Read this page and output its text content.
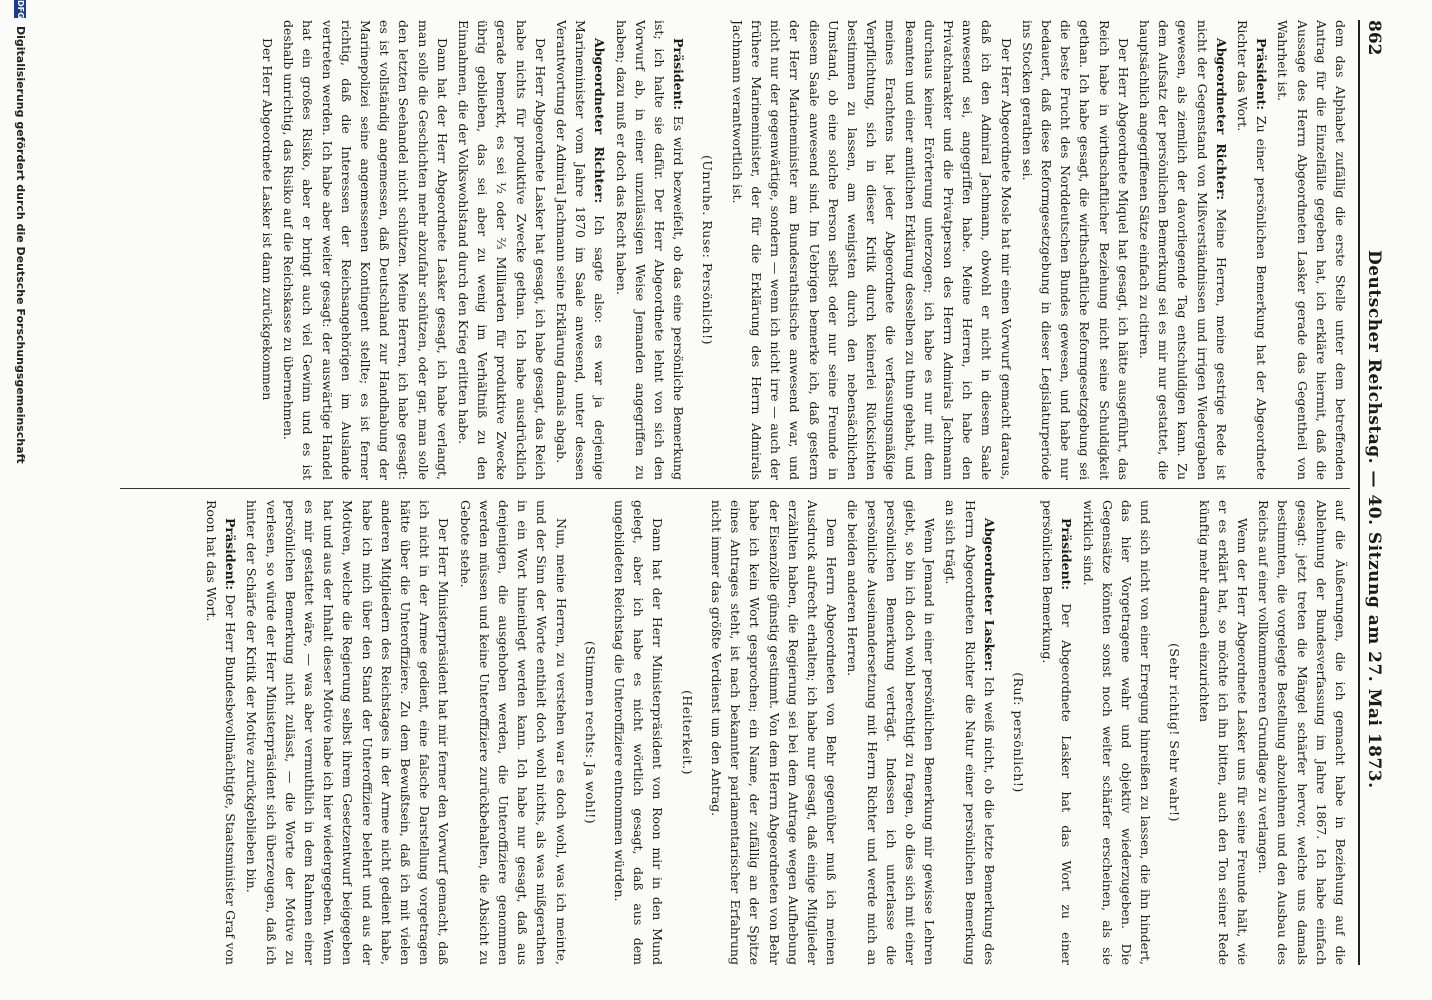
862
Deutscher Reichstag. — 40. Sitzung am 27. Mai 1873.

dem das Alphabet zufällig die erste Stelle unter dem betreffenden Antrag für die Einzelfälle gegeben hat, ich erkläre hiermit, daß die Aussage des Herrn Abgeordneten Lasker gerade das Gegentheil von Wahrheit ist.

Präsident: Zu einer persönlichen Bemerkung hat der Abgeordnete Richter das Wort.

Abgeordneter Richter: Meine Herren, meine gestrige Rede ist nicht der Gegenstand von Mißverständnissen und irrigen Wiedergaben gewesen, als ziemlich der davorliegende Tag entschuldigen kann. Zu dem Aufsatz der persönlichen Bemerkung sei es mir nur gestattet, die hauptsächlich angegriffenen Sätze einfach zu citiren.

Der Herr Abgeordnete Miquel hat gesagt, ich hätte ausgeführt, das Reich habe in wirthschaftlicher Beziehung nicht seine Schuldigkeit gethan. Ich habe gesagt, die wirthschaftliche Reformgesetzgebung sei die beste Frucht des Norddeutschen Bundes gewesen, und habe nur bedauert, daß diese Reformgesetzgebung in dieser Legislaturperiode ins Stocken gerathen sei.

Der Herr Abgeordnete Mosle hat mir einen Vorwurf gemacht daraus, daß ich den Admiral Jachmann, obwohl er nicht in diesem Saale anwesend sei, angegriffen habe. Meine Herren, ich habe den Privatcharakter und die Privatperson des Herrn Admirals Jachmann durchaus keiner Erörterung unterzogen; ich habe es nur mit dem Beamten und einer amtlichen Erklärung desselben zu thun gehabt, und meines Erachtens hat jeder Abgeordnete die verfassungsmäßige Verpflichtung, sich in dieser Kritik durch keinerlei Rücksichten bestimmen zu lassen, am wenigsten durch den nebensächlichen Umstand, ob eine solche Person selbst oder nur seine Freunde in diesem Saale anwesend sind. Im Uebrigen bemerke ich, daß gestern der Herr Marineminister am Bundesrathstische anwesend war, und nicht nur der gegenwärtige, sondern — wenn ich nicht irre — auch der frühere Marineminister, der für die Erklärung des Herrn Admirals Jachmann verantwortlich ist.

(Unruhe. Ruse: Persönlich!)

Präsident: Es wird bezweifelt, ob das eine persönliche Bemerkung ist; ich halte sie dafür. Der Herr Abgeordnete lehnt von sich den Vorwurf ab, in einer unzulässigen Weise Jemanden angegriffen zu haben; dazu muß er doch das Recht haben.

Abgeordneter Richter: Ich sagte also: es war ja derjenige Marineminister vom Jahre 1870 im Saale anwesend, unter dessen Verantwortung der Admiral Jachmann seine Erklärung damals abgab.

Der Herr Abgeordnete Lasker hat gesagt, ich habe gesagt, das Reich habe nichts für produktive Zwecke gethan. Ich habe ausdrücklich gerade bemerkt, es sei ½ oder ⅔ Milliarden für produktive Zwecke übrig geblieben, das sei aber zu wenig im Verhältniß zu den Einnahmen, die der Volkswohlstand durch den Krieg erlitten habe.

Dann hat der Herr Abgeordnete Lasker gesagt, ich habe verlangt, man solle die Geschichten mehr abzufahr schützen, oder gar, man solle den letzten Seehandel nicht schützen. Meine Herren, ich habe gesagt: es ist vollständig angemessen, daß Deutschland zur Handhabung der Marinepolizei seine angemessenen Kontingent stellte; es ist ferner richtig, daß die Interessen der Reichsangehörigen im Auslande vertreten werden. Ich habe aber weiter gesagt: der auswärtige Handel hat ein großes Risiko, aber er bringt auch viel Gewinn und es ist deshalb unrichtig, das Risiko auf die Reichskasse zu übernehmen.

Der Herr Abgeordnete Lasker ist dann zurückgekommen

auf die Äußerungen, die ich gemacht habe in Beziehung auf die Ablehnung der Bundesverfassung im Jahre 1867. Ich habe einfach gesagt: jetzt treten die Mängel schärfer hervor, welche uns damals bestimmten, die vorgelegte Bestellung abzulehnen und den Ausbau des Reichs auf einer vollkommeneren Grundlage zu verlangen.

Wenn der Herr Abgeordnete Lasker uns für seine Freunde hält, wie er es erklärt hat, so möchte ich ihn bitten, auch den Ton seiner Rede künftig mehr darnach einzurichten

(Sehr richtig! Sehr wahr!)

und sich nicht von einer Erregung hinreißen zu lassen, die ihn hindert, das hier Vorgetragene wahr und objektiv wiederzugeben. Die Gegensätze könnten sonst noch weiter schärfer erscheinen, als sie wirklich sind.

Präsident: Der Abgeordnete Lasker hat das Wort zu einer persönlichen Bemerkung.

(Ruf: persönlich!)

Abgeordneter Lasker: Ich weiß nicht, ob die letzte Bemerkung des Herrn Abgeordneten Richter die Natur einer persönlichen Bemerkung an sich trägt.

Wenn Jemand in einer persönlichen Bemerkung mir gewisse Lehren giebt, so bin ich doch wohl berechtigt zu fragen, ob dies sich mit einer persönlichen Bemerkung verträgt. Indessen ich unterlasse die persönliche Auseinandersetzung mit Herrn Richter und werde mich an die beiden anderen Herren.

Dem Herrn Abgeordneten von Behr gegenüber muß ich meinen Ausdruck aufrecht erhalten; ich habe nur gesagt, daß einige Mitglieder erzählten haben, die Regierung sei bei dem Antrage wegen Aufhebung der Eisenzölle günstig gestimmt. Von dem Herrn Abgeordneten von Behr habe ich kein Wort gesprochen; ein Name, der zufällig an der Spitze eines Antrages steht, ist nach bekannter parlamentarischer Erfahrung nicht immer das größte Verdienst um den Antrag.

(Heiterkeit.)

Dann hat der Herr Ministerpräsident von Roon mir in den Mund gelegt, aber ich habe es nicht wörtlich gesagt, daß aus dem ungebildeten Reichstag die Unteroffiziere entnommen würden.

(Stimmen rechts: Ja wohl!)

Nun, meine Herren, zu verstehen war es doch wohl, was ich meinte, und der Sinn der Worte enthielt doch wohl nichts, als was mißgerathen in ein Wort hineinlegt werden kann. Ich habe nur gesagt, daß aus denjenigen, die ausgehoben werden, die Unteroffiziere genommen werden müssen und keine Unteroffiziere zurückbehalten, die Absicht zu Gebote stehe.

Der Herr Ministerpräsident hat mir ferner den Vorwurf gemacht, daß ich nicht in der Armee gedient, eine falsche Darstellung vorgetragen hätte über die Unteroffiziere. Zu dem Bewußtsein, daß ich mit vielen anderen Mitgliedern des Reichstages in der Armee nicht gedient habe, habe ich mich über den Stand der Unteroffiziere belehrt und aus der Motiven, welche die Regierung selbst ihrem Gesetzentwurf beigegeben hat und aus der Inhalt dieser Motive habe ich hier wiedergegeben. Wenn es mir gestattet wäre, — was aber vermuthlich in dem Rahmen einer persönlichen Bemerkung nicht zulässt, — die Worte der Motive zu verlesen, so würde der Herr Ministerpräsident sich überzeugen, daß ich hinter der Schärfe der Kritik der Motive zurückgeblieben bin.

Präsident: Der Herr Bundesbevollmächtigte, Staatsminister Graf von Roon hat das Wort.

DFG
Digitalisierung gefördert durch die Deutsche Forschungsgemeinschaft
